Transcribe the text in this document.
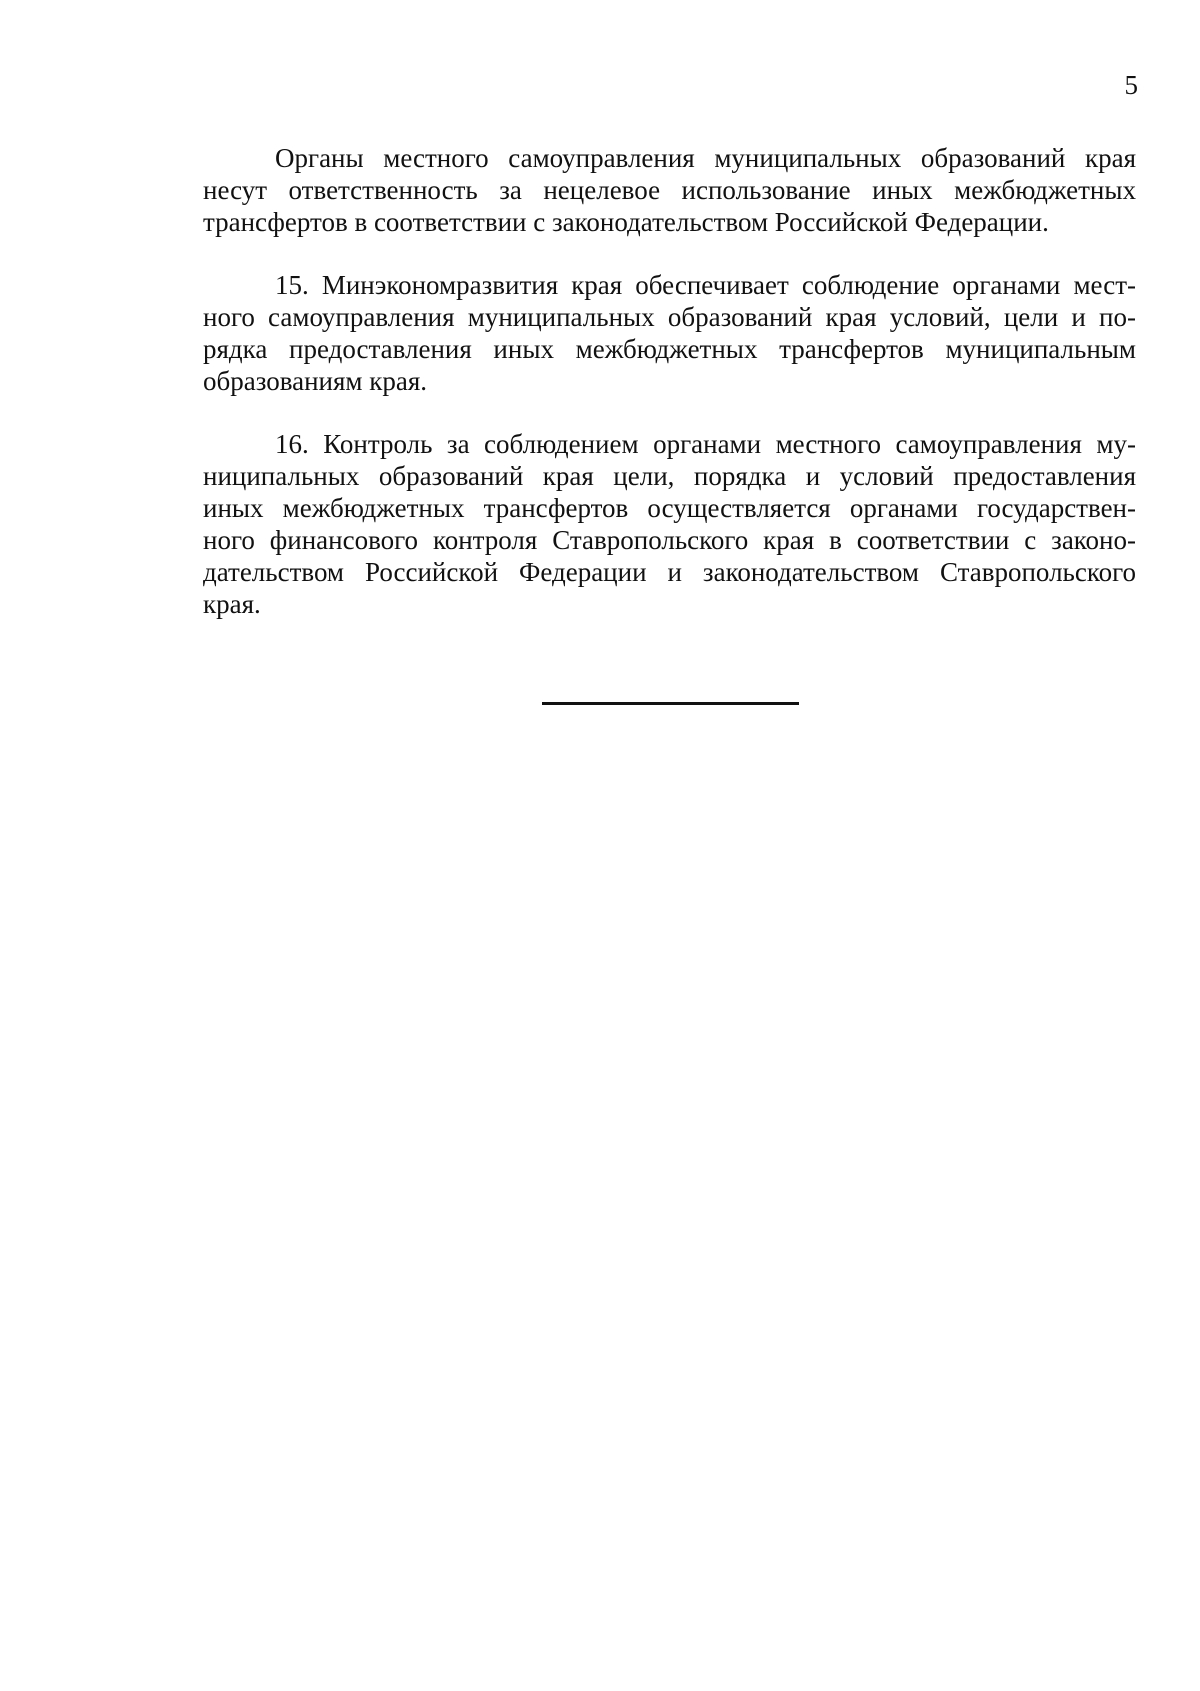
5

Органы местного самоуправления муниципальных образований края
несут ответственность за нецелевое использование иных межбюджетных
трансфертов в соответствии с законодательством Российской Федерации.

15. Минэкономразвития края обеспечивает соблюдение органами мест-
ного самоуправления муниципальных образований края условий, цели и по-
рядка предоставления иных межбюджетных трансфертов муниципальным
образованиям края.

16. Контроль за соблюдением органами местного самоуправления му-
ниципальных образований края цели, порядка и условий предоставления
иных межбюджетных трансфертов осуществляется органами государствен-
ного финансового контроля Ставропольского края в соответствии с законо-
дательством Российской Федерации и законодательством Ставропольского
края.
